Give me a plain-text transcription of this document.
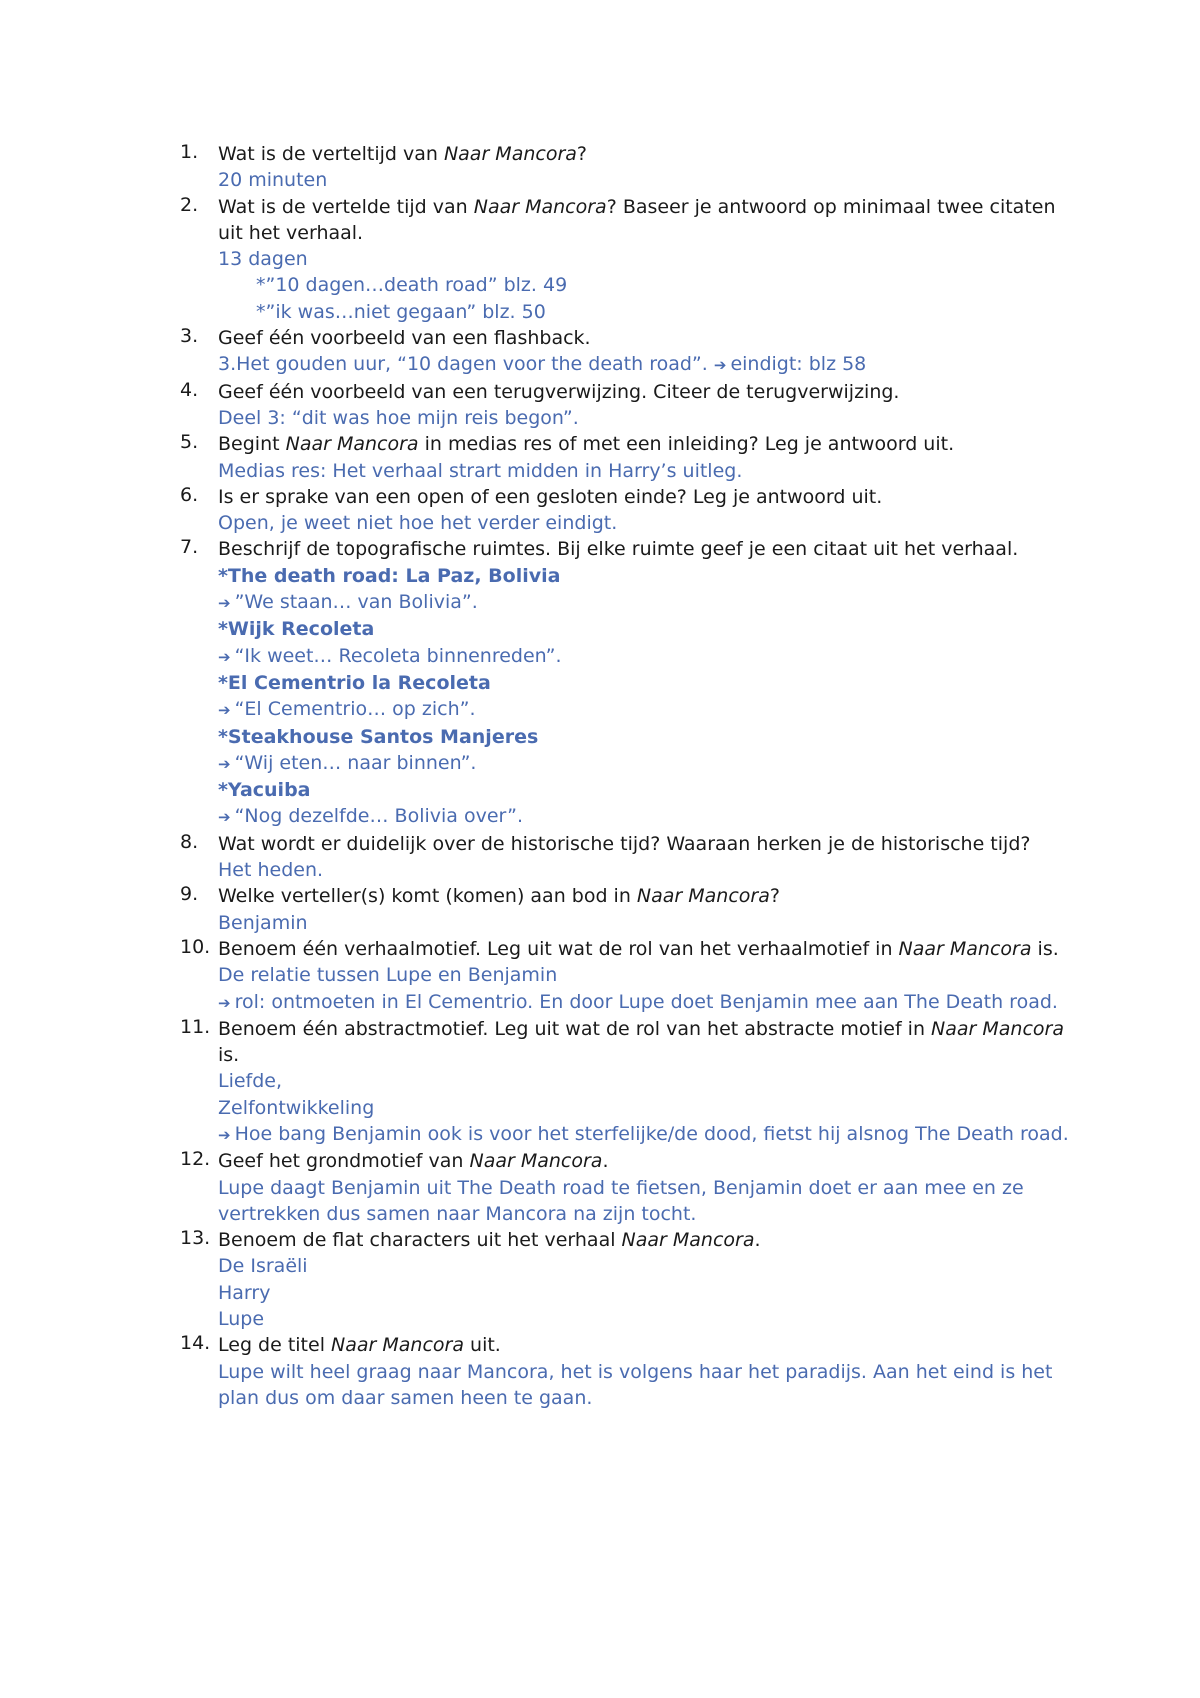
1. Wat is de verteltijd van Naar Mancora?
20 minuten
2. Wat is de vertelde tijd van Naar Mancora? Baseer je antwoord op minimaal twee citaten uit het verhaal.
13 dagen
*”10 dagen…death road” blz. 49
*”ik was…niet gegaan” blz. 50
3. Geef één voorbeeld van een flashback.
3.Het gouden uur, “10 dagen voor the death road”. ➔ eindigt: blz 58
4. Geef één voorbeeld van een terugverwijzing. Citeer de terugverwijzing.
Deel 3: “dit was hoe mijn reis begon”.
5. Begint Naar Mancora in medias res of met een inleiding? Leg je antwoord uit.
Medias res: Het verhaal strart midden in Harry’s uitleg.
6. Is er sprake van een open of een gesloten einde? Leg je antwoord uit.
Open, je weet niet hoe het verder eindigt.
7. Beschrijf de topografische ruimtes. Bij elke ruimte geef je een citaat uit het verhaal.
*The death road: La Paz, Bolivia
➔ ”We staan… van Bolivia”.
*Wijk Recoleta
➔ “Ik weet… Recoleta binnenreden”.
*El Cementrio la Recoleta
➔ “El Cementrio… op zich”.
*Steakhouse Santos Manjeres
➔ “Wij eten… naar binnen”.
*Yacuiba
➔ “Nog dezelfde… Bolivia over”.
8. Wat wordt er duidelijk over de historische tijd? Waaraan herken je de historische tijd?
Het heden.
9. Welke verteller(s) komt (komen) aan bod in Naar Mancora?
Benjamin
10. Benoem één verhaalmotief. Leg uit wat de rol van het verhaalmotief in Naar Mancora is.
De relatie tussen Lupe en Benjamin
➔ rol: ontmoeten in El Cementrio. En door Lupe doet Benjamin mee aan The Death road.
11. Benoem één abstractmotief. Leg uit wat de rol van het abstracte motief in Naar Mancora is.
Liefde,
Zelfontwikkeling
➔ Hoe bang Benjamin ook is voor het sterfelijke/de dood, fietst hij alsnog The Death road.
12. Geef het grondmotief van Naar Mancora.
Lupe daagt Benjamin uit The Death road te fietsen, Benjamin doet er aan mee en ze vertrekken dus samen naar Mancora na zijn tocht.
13. Benoem de flat characters uit het verhaal Naar Mancora.
De Israëli
Harry
Lupe
14. Leg de titel Naar Mancora uit.
Lupe wilt heel graag naar Mancora, het is volgens haar het paradijs. Aan het eind is het plan dus om daar samen heen te gaan.
